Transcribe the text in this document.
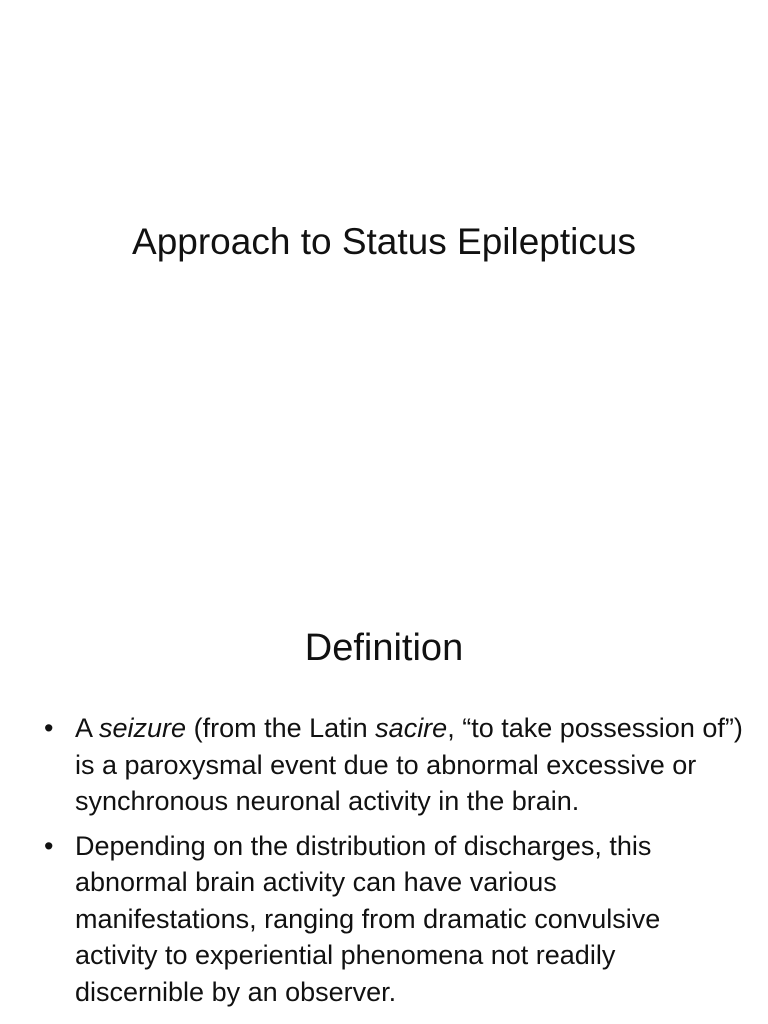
Approach to Status Epilepticus
Definition
• A seizure (from the Latin sacire, “to take possession of”) is a paroxysmal event due to abnormal excessive or synchronous neuronal activity in the brain.
• Depending on the distribution of discharges, this abnormal brain activity can have various manifestations, ranging from dramatic convulsive activity to experiential phenomena not readily discernible by an observer.
